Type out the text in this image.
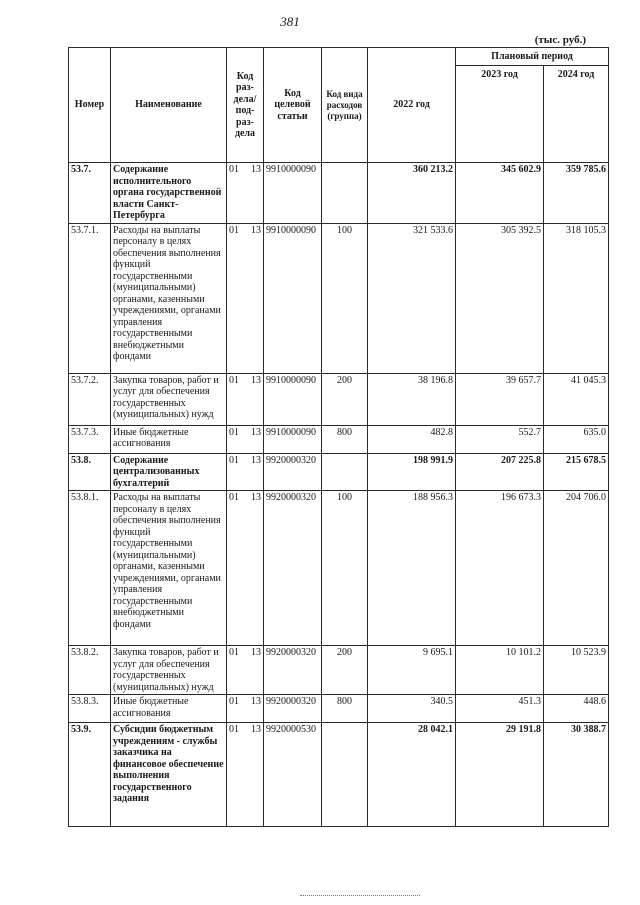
381
(тыс. руб.)
Номер	Наименование	Код раз-дела/ под-раз-дела	Код целевой статьи	Код вида расходов (группа)	2022 год	Плановый период	
						2023 год	2024 год
53.7.	Содержание исполнительного органа государственной власти Санкт-Петербурга	01 13	9910000090		360 213.2	345 602.9	359 785.6
53.7.1.	Расходы на выплаты персоналу в целях обеспечения выполнения функций государственными (муниципальными) органами, казенными учреждениями, органами управления государственными внебюджетными фондами	01 13	9910000090	100	321 533.6	305 392.5	318 105.3
53.7.2.	Закупка товаров, работ и услуг для обеспечения государственных (муниципальных) нужд	01 13	9910000090	200	38 196.8	39 657.7	41 045.3
53.7.3.	Иные бюджетные ассигнования	01 13	9910000090	800	482.8	552.7	635.0
53.8.	Содержание централизованных бухгалтерий	01 13	9920000320		198 991.9	207 225.8	215 678.5
53.8.1.	Расходы на выплаты персоналу в целях обеспечения выполнения функций государственными (муниципальными) органами, казенными учреждениями, органами управления государственными внебюджетными фондами	01 13	9920000320	100	188 956.3	196 673.3	204 706.0
53.8.2.	Закупка товаров, работ и услуг для обеспечения государственных (муниципальных) нужд	01 13	9920000320	200	9 695.1	10 101.2	10 523.9
53.8.3.	Иные бюджетные ассигнования	01 13	9920000320	800	340.5	451.3	448.6
53.9.	Субсидии бюджетным учреждениям - службы заказчика на финансовое обеспечение выполнения государственного задания	01 13	9920000530		28 042.1	29 191.8	30 388.7
